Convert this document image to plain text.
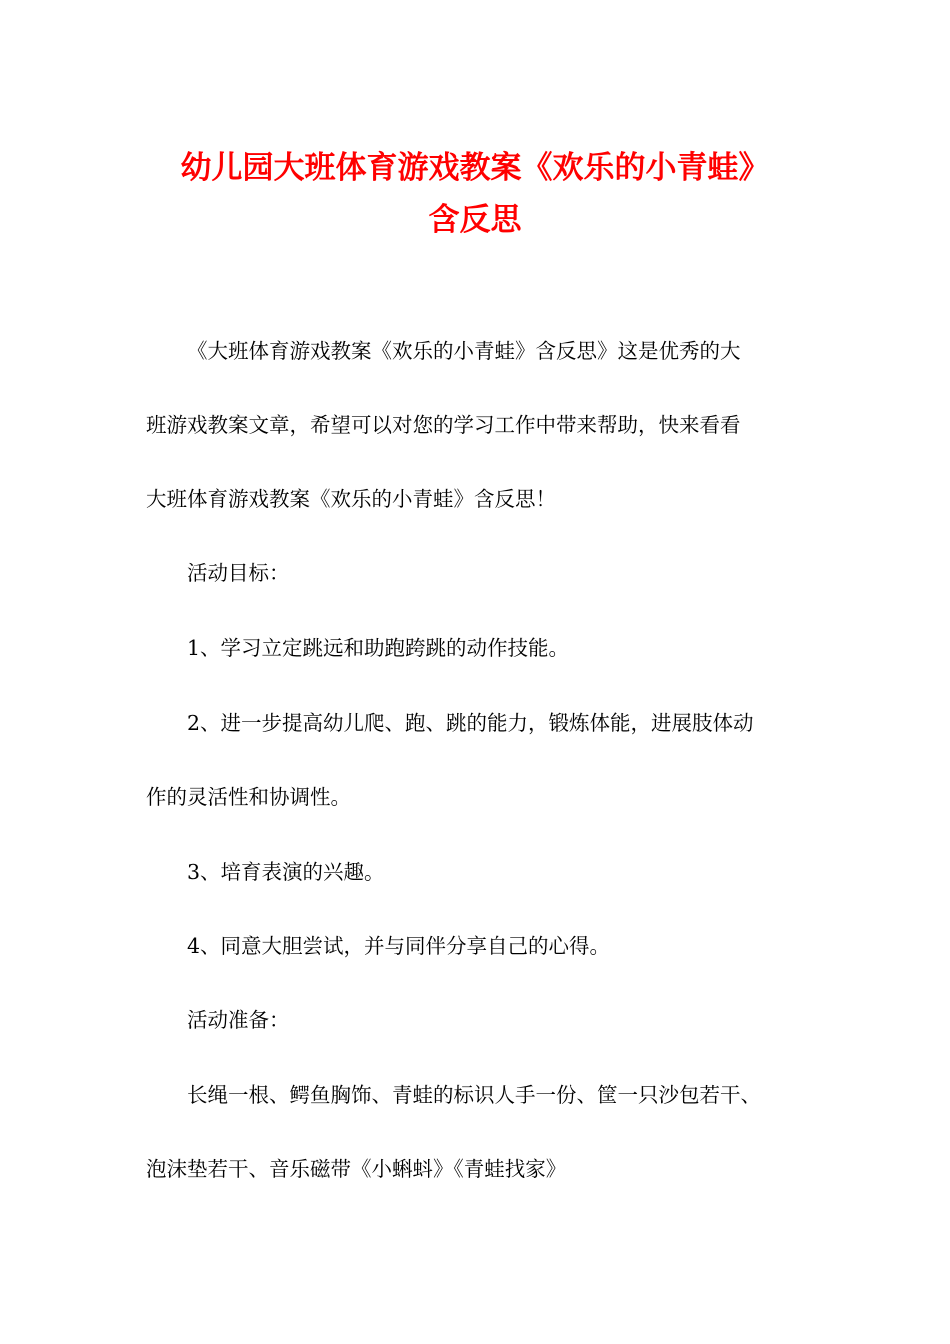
幼儿园大班体育游戏教案《欢乐的小青蛙》
含反思

《大班体育游戏教案《欢乐的小青蛙》含反思》这是优秀的大

班游戏教案文章，希望可以对您的学习工作中带来帮助，快来看看

大班体育游戏教案《欢乐的小青蛙》含反思！

活动目标：

1、学习立定跳远和助跑跨跳的动作技能。

2、进一步提高幼儿爬、跑、跳的能力，锻炼体能，进展肢体动

作的灵活性和协调性。

3、培育表演的兴趣。

4、同意大胆尝试，并与同伴分享自己的心得。

活动准备：

长绳一根、鳄鱼胸饰、青蛙的标识人手一份、筐一只沙包若干、

泡沫垫若干、音乐磁带《小蝌蚪》《青蛙找家》
